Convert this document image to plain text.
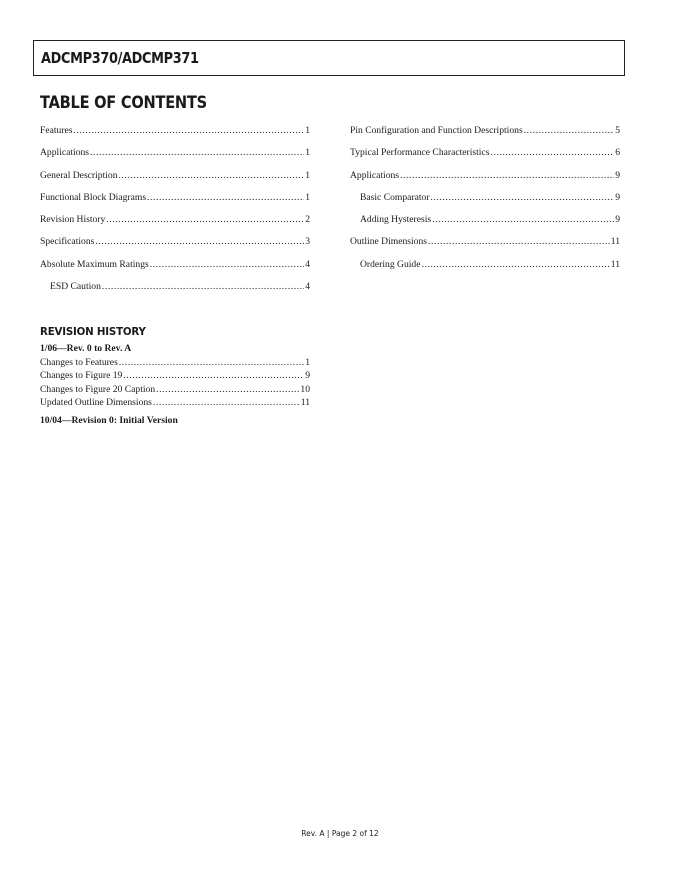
ADCMP370/ADCMP371
TABLE OF CONTENTS
Features .....	1
Applications .....	1
General Description .....	1
Functional Block Diagrams .....	1
Revision History .....	2
Specifications .....	3
Absolute Maximum Ratings .....	4
ESD Caution .....	4
Pin Configuration and Function Descriptions .....	5
Typical Performance Characteristics .....	6
Applications .....	9
Basic Comparator .....	9
Adding Hysteresis .....	9
Outline Dimensions .....	11
Ordering Guide .....	11
REVISION HISTORY
1/06—Rev. 0 to Rev. A
Changes to Features .....	1
Changes to Figure 19 .....	9
Changes to Figure 20 Caption .....	10
Updated Outline Dimensions .....	11
10/04—Revision 0: Initial Version
Rev. A | Page 2 of 12
